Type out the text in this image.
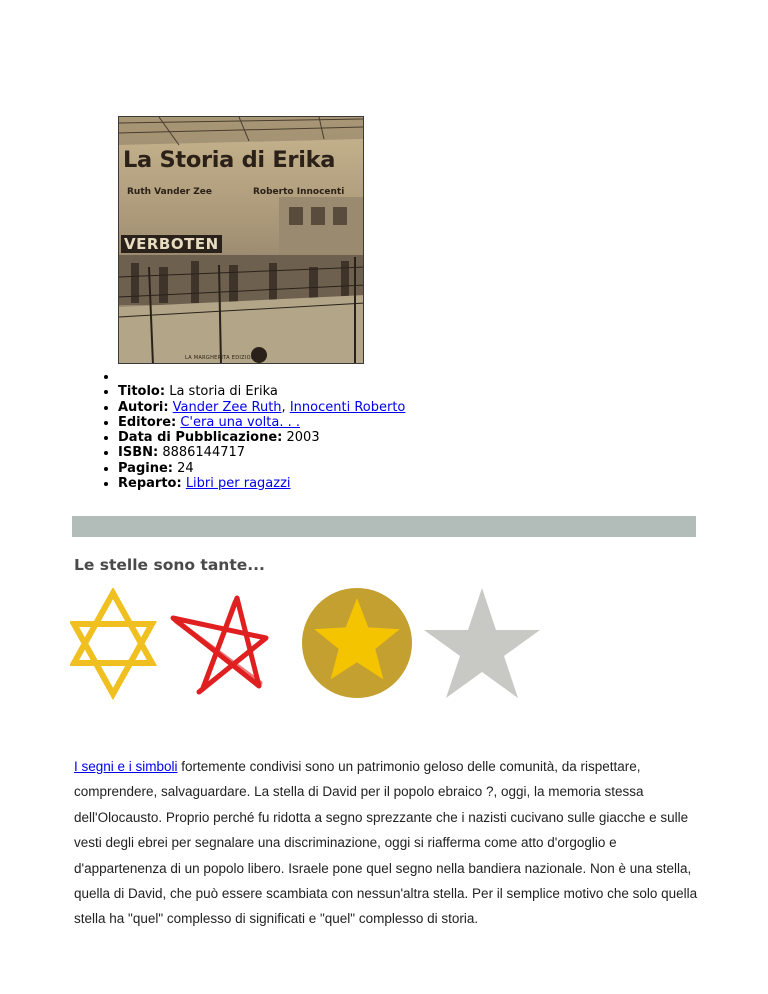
La Storia di Erika
Ruth Vander Zee	Roberto Innocenti
VERBOTEN
LA MARGHERITA EDIZIONI
•
• Titolo: La storia di Erika
• Autori: Vander Zee Ruth, Innocenti Roberto
• Editore: C'era una volta. . .
• Data di Pubblicazione: 2003
• ISBN: 8886144717
• Pagine: 24
• Reparto: Libri per ragazzi
Le stelle sono tante...

I segni e i simboli fortemente condivisi sono un patrimonio geloso delle comunità, da rispettare, comprendere, salvaguardare. La stella di David per il popolo ebraico ?, oggi, la memoria stessa dell'Olocausto. Proprio perché fu ridotta a segno sprezzante che i nazisti cucivano sulle giacche e sulle vesti degli ebrei per segnalare una discriminazione, oggi si riafferma come atto d'orgoglio e d'appartenenza di un popolo libero. Israele pone quel segno nella bandiera nazionale. Non è una stella, quella di David, che può essere scambiata con nessun'altra stella. Per il semplice motivo che solo quella stella ha "quel" complesso di significati e "quel" complesso di storia.
